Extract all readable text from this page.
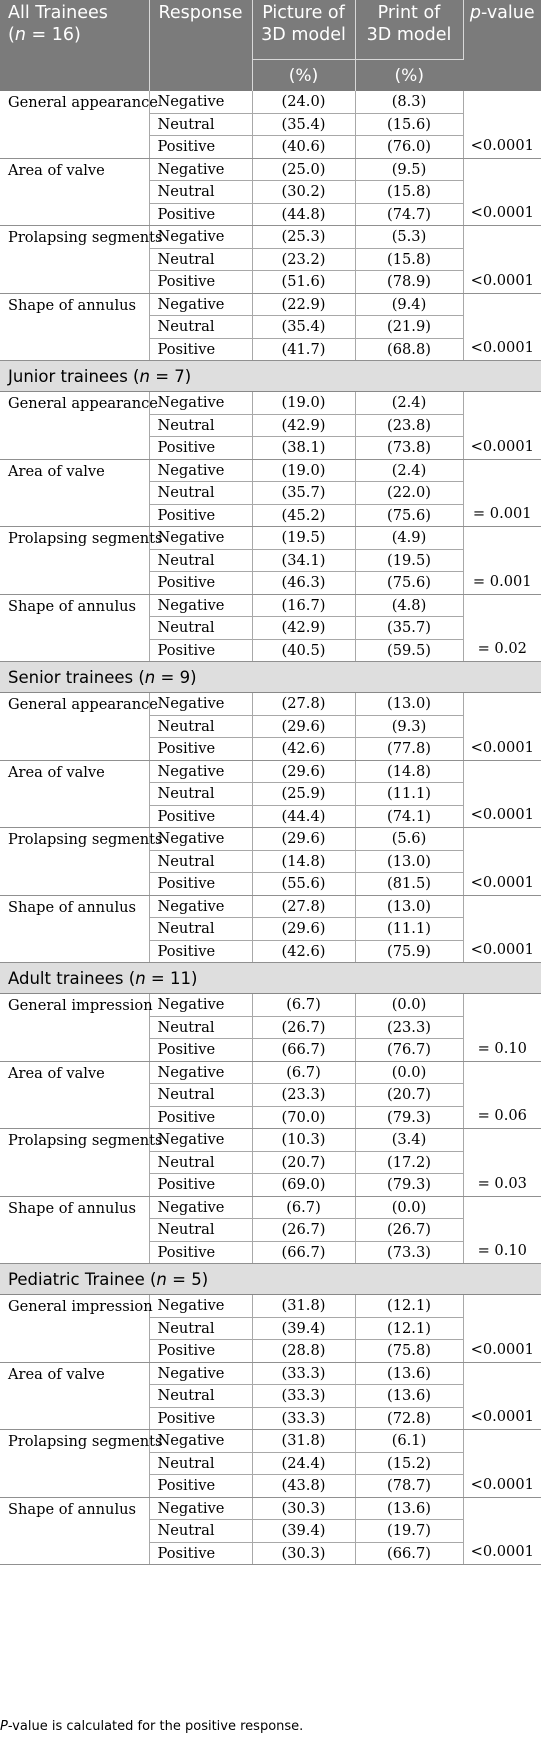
All Trainees
(n = 16)	Response	Picture of
3D model	Print of
3D model	p-value
		(%)	(%)	
General appearance	Negative	(24.0)	(8.3)	<0.0001
	Neutral	(35.4)	(15.6)	
	Positive	(40.6)	(76.0)	
Area of valve	Negative	(25.0)	(9.5)	<0.0001
	Neutral	(30.2)	(15.8)	
	Positive	(44.8)	(74.7)	
Prolapsing segments	Negative	(25.3)	(5.3)	<0.0001
	Neutral	(23.2)	(15.8)	
	Positive	(51.6)	(78.9)	
Shape of annulus	Negative	(22.9)	(9.4)	<0.0001
	Neutral	(35.4)	(21.9)	
	Positive	(41.7)	(68.8)	
Junior trainees (n = 7)				
General appearance	Negative	(19.0)	(2.4)	<0.0001
	Neutral	(42.9)	(23.8)	
	Positive	(38.1)	(73.8)	
Area of valve	Negative	(19.0)	(2.4)	= 0.001
	Neutral	(35.7)	(22.0)	
	Positive	(45.2)	(75.6)	
Prolapsing segments	Negative	(19.5)	(4.9)	= 0.001
	Neutral	(34.1)	(19.5)	
	Positive	(46.3)	(75.6)	
Shape of annulus	Negative	(16.7)	(4.8)	= 0.02
	Neutral	(42.9)	(35.7)	
	Positive	(40.5)	(59.5)	
Senior trainees (n = 9)				
General appearance	Negative	(27.8)	(13.0)	<0.0001
	Neutral	(29.6)	(9.3)	
	Positive	(42.6)	(77.8)	
Area of valve	Negative	(29.6)	(14.8)	<0.0001
	Neutral	(25.9)	(11.1)	
	Positive	(44.4)	(74.1)	
Prolapsing segments	Negative	(29.6)	(5.6)	<0.0001
	Neutral	(14.8)	(13.0)	
	Positive	(55.6)	(81.5)	
Shape of annulus	Negative	(27.8)	(13.0)	<0.0001
	Neutral	(29.6)	(11.1)	
	Positive	(42.6)	(75.9)	
Adult trainees (n = 11)				
General impression	Negative	(6.7)	(0.0)	= 0.10
	Neutral	(26.7)	(23.3)	
	Positive	(66.7)	(76.7)	
Area of valve	Negative	(6.7)	(0.0)	= 0.06
	Neutral	(23.3)	(20.7)	
	Positive	(70.0)	(79.3)	
Prolapsing segments	Negative	(10.3)	(3.4)	= 0.03
	Neutral	(20.7)	(17.2)	
	Positive	(69.0)	(79.3)	
Shape of annulus	Negative	(6.7)	(0.0)	= 0.10
	Neutral	(26.7)	(26.7)	
	Positive	(66.7)	(73.3)	
Pediatric Trainee (n = 5)				
General impression	Negative	(31.8)	(12.1)	<0.0001
	Neutral	(39.4)	(12.1)	
	Positive	(28.8)	(75.8)	
Area of valve	Negative	(33.3)	(13.6)	<0.0001
	Neutral	(33.3)	(13.6)	
	Positive	(33.3)	(72.8)	
Prolapsing segments	Negative	(31.8)	(6.1)	<0.0001
	Neutral	(24.4)	(15.2)	
	Positive	(43.8)	(78.7)	
Shape of annulus	Negative	(30.3)	(13.6)	<0.0001
	Neutral	(39.4)	(19.7)	
	Positive	(30.3)	(66.7)	
P-value is calculated for the positive response.
